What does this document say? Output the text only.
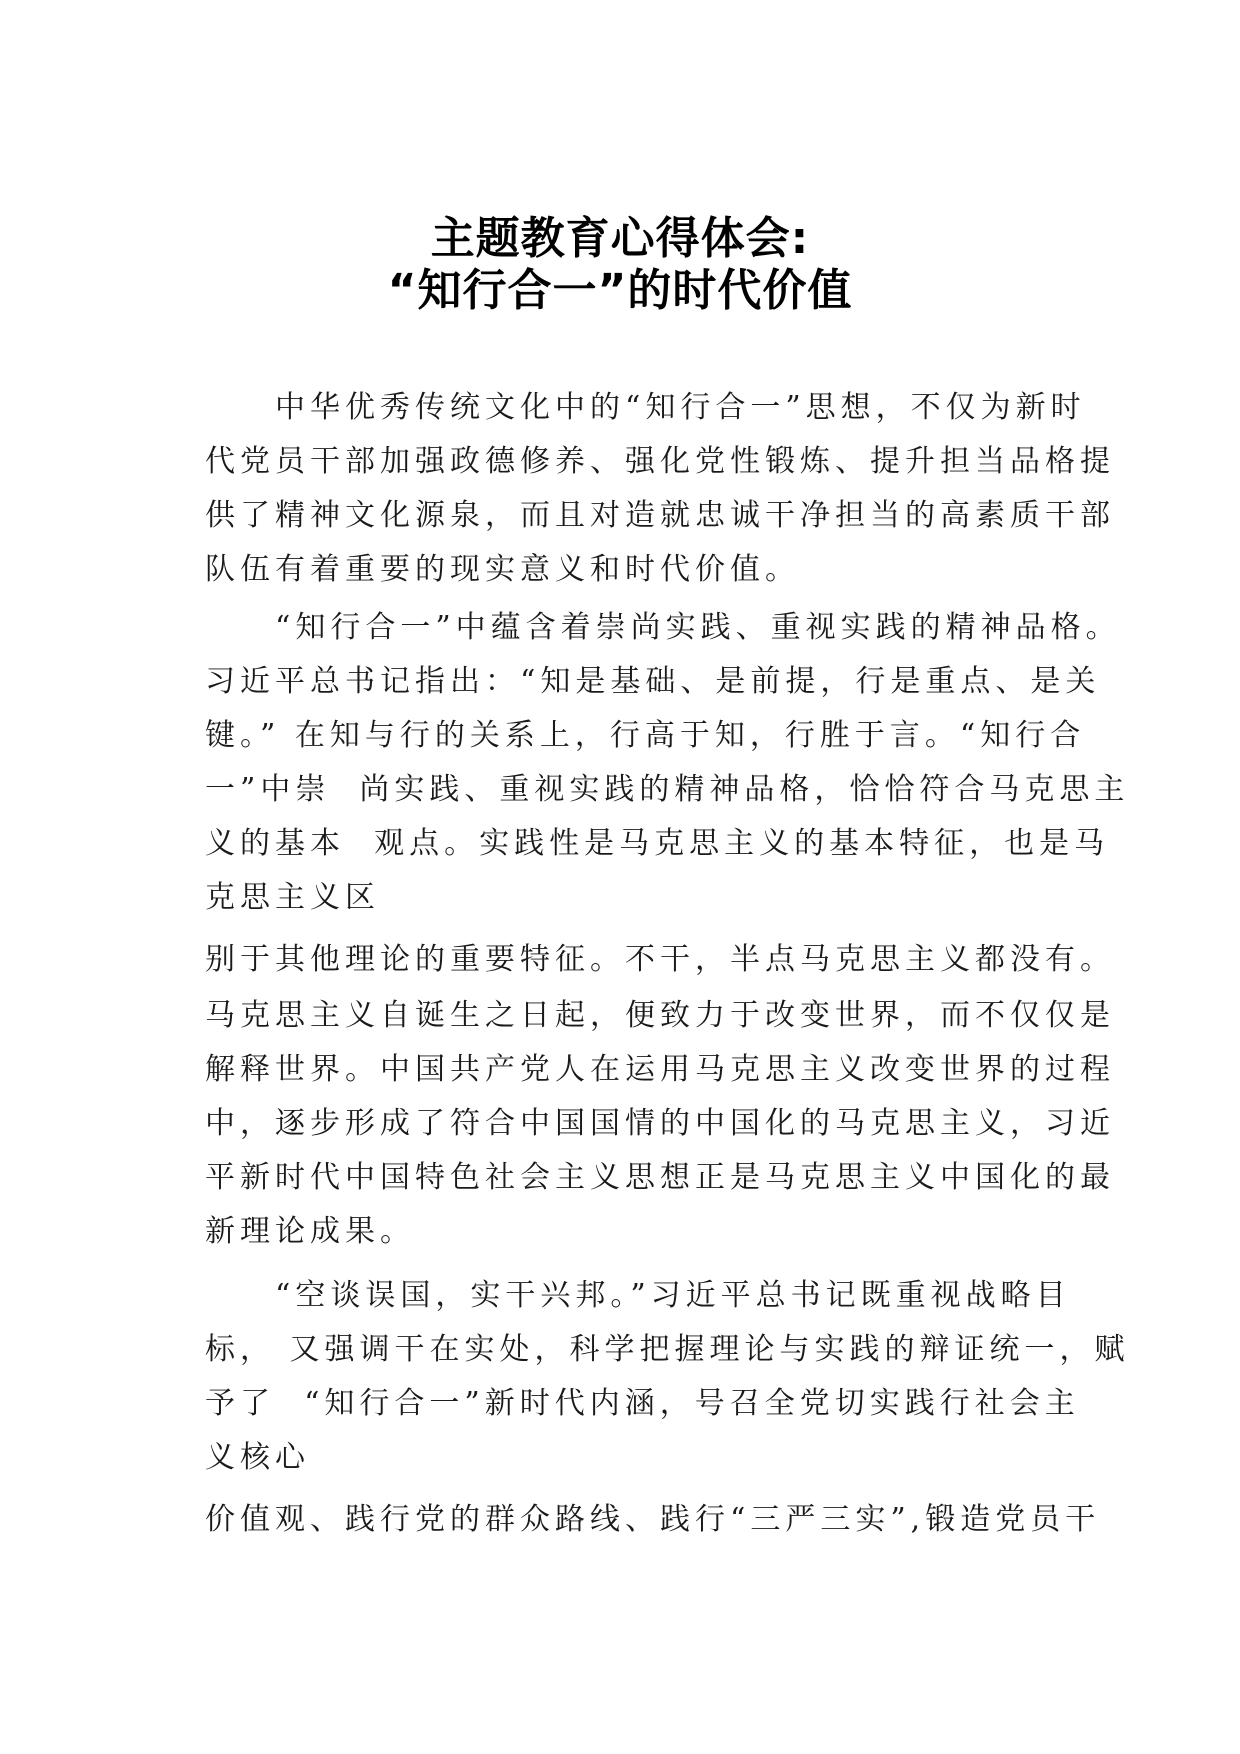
主题教育心得体会:
“知行合一”的时代价值

　　中华优秀传统文化中的“知行合一”思想，不仅为新时

代党员干部加强政德修养、强化党性锻炼、提升担当品格提

供了精神文化源泉，而且对造就忠诚干净担当的高素质干部

队伍有着重要的现实意义和时代价值。

　　“知行合一”中蕴含着崇尚实践、重视实践的精神品格。

习近平总书记指出：“知是基础、是前提，行是重点、是关

键。” 在知与行的关系上，行高于知，行胜于言。“知行合

一”中崇  尚实践、重视实践的精神品格，恰恰符合马克思主

义的基本  观点。实践性是马克思主义的基本特征，也是马

克思主义区

别于其他理论的重要特征。不干，半点马克思主义都没有。

马克思主义自诞生之日起，便致力于改变世界，而不仅仅是

解释世界。中国共产党人在运用马克思主义改变世界的过程

中，逐步形成了符合中国国情的中国化的马克思主义，习近

平新时代中国特色社会主义思想正是马克思主义中国化的最

新理论成果。

　　“空谈误国，实干兴邦。”习近平总书记既重视战略目

标， 又强调干在实处，科学把握理论与实践的辩证统一，赋

予了  “知行合一”新时代内涵，号召全党切实践行社会主

义核心

价值观、践行党的群众路线、践行“三严三实”,锻造党员干
